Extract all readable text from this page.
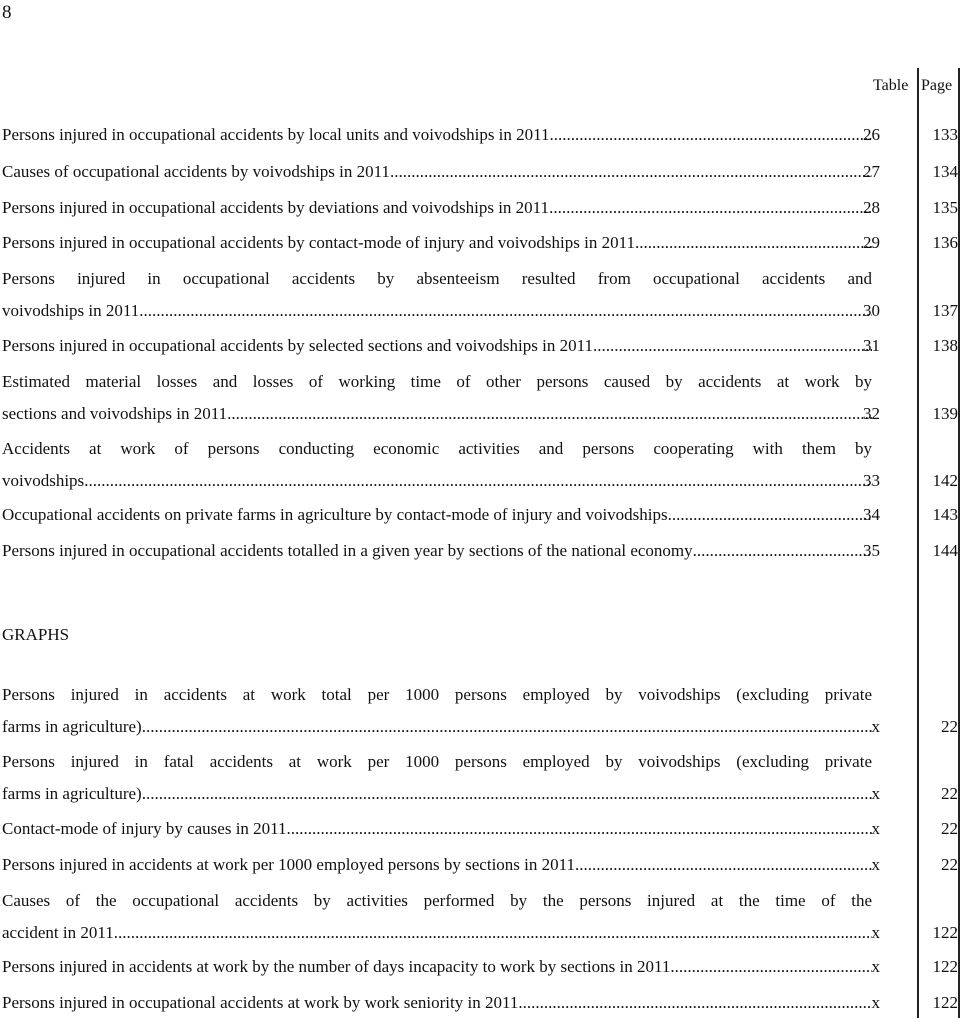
8
Table Page
Persons injured in occupational accidents by local units and voivodships in 2011 .....	26	133
Causes of occupational accidents by voivodships in 2011 .....	27	134
Persons injured in occupational accidents by deviations and voivodships in 2011 .....	28	135
Persons injured in occupational accidents by contact-mode of injury and voivodships in 2011 .....	29	136
Persons injured in occupational accidents by absenteeism resulted from occupational accidents and
voivodships in 2011 .....	30	137
Persons injured in occupational accidents by selected sections and voivodships in 2011 .....	31	138
Estimated material losses and losses of working time of other persons caused by accidents at work by
sections and voivodships in 2011 .....	32	139
Accidents at work of persons conducting economic activities and persons cooperating with them by
voivodships .....	33	142
Occupational accidents on private farms in agriculture by contact-mode of injury and voivodships .....	34	143
Persons injured in occupational accidents totalled in a given year by sections of the national economy .....	35	144
GRAPHS
Persons injured in accidents at work total per 1000 persons employed by voivodships (excluding private
farms in agriculture) .....	x	22
Persons injured in fatal accidents at work per 1000 persons employed by voivodships (excluding private
farms in agriculture) .....	x	22
Contact-mode of injury by causes in 2011 .....	x	22
Persons injured in accidents at work per 1000 employed persons by sections in 2011 .....	x	22
Causes of the occupational accidents by activities performed by the persons injured at the time of the
accident in 2011 .....	x	122
Persons injured in accidents at work by the number of days incapacity to work by sections in 2011 .....	x	122
Persons injured in occupational accidents at work by work seniority in 2011 .....	x	122
